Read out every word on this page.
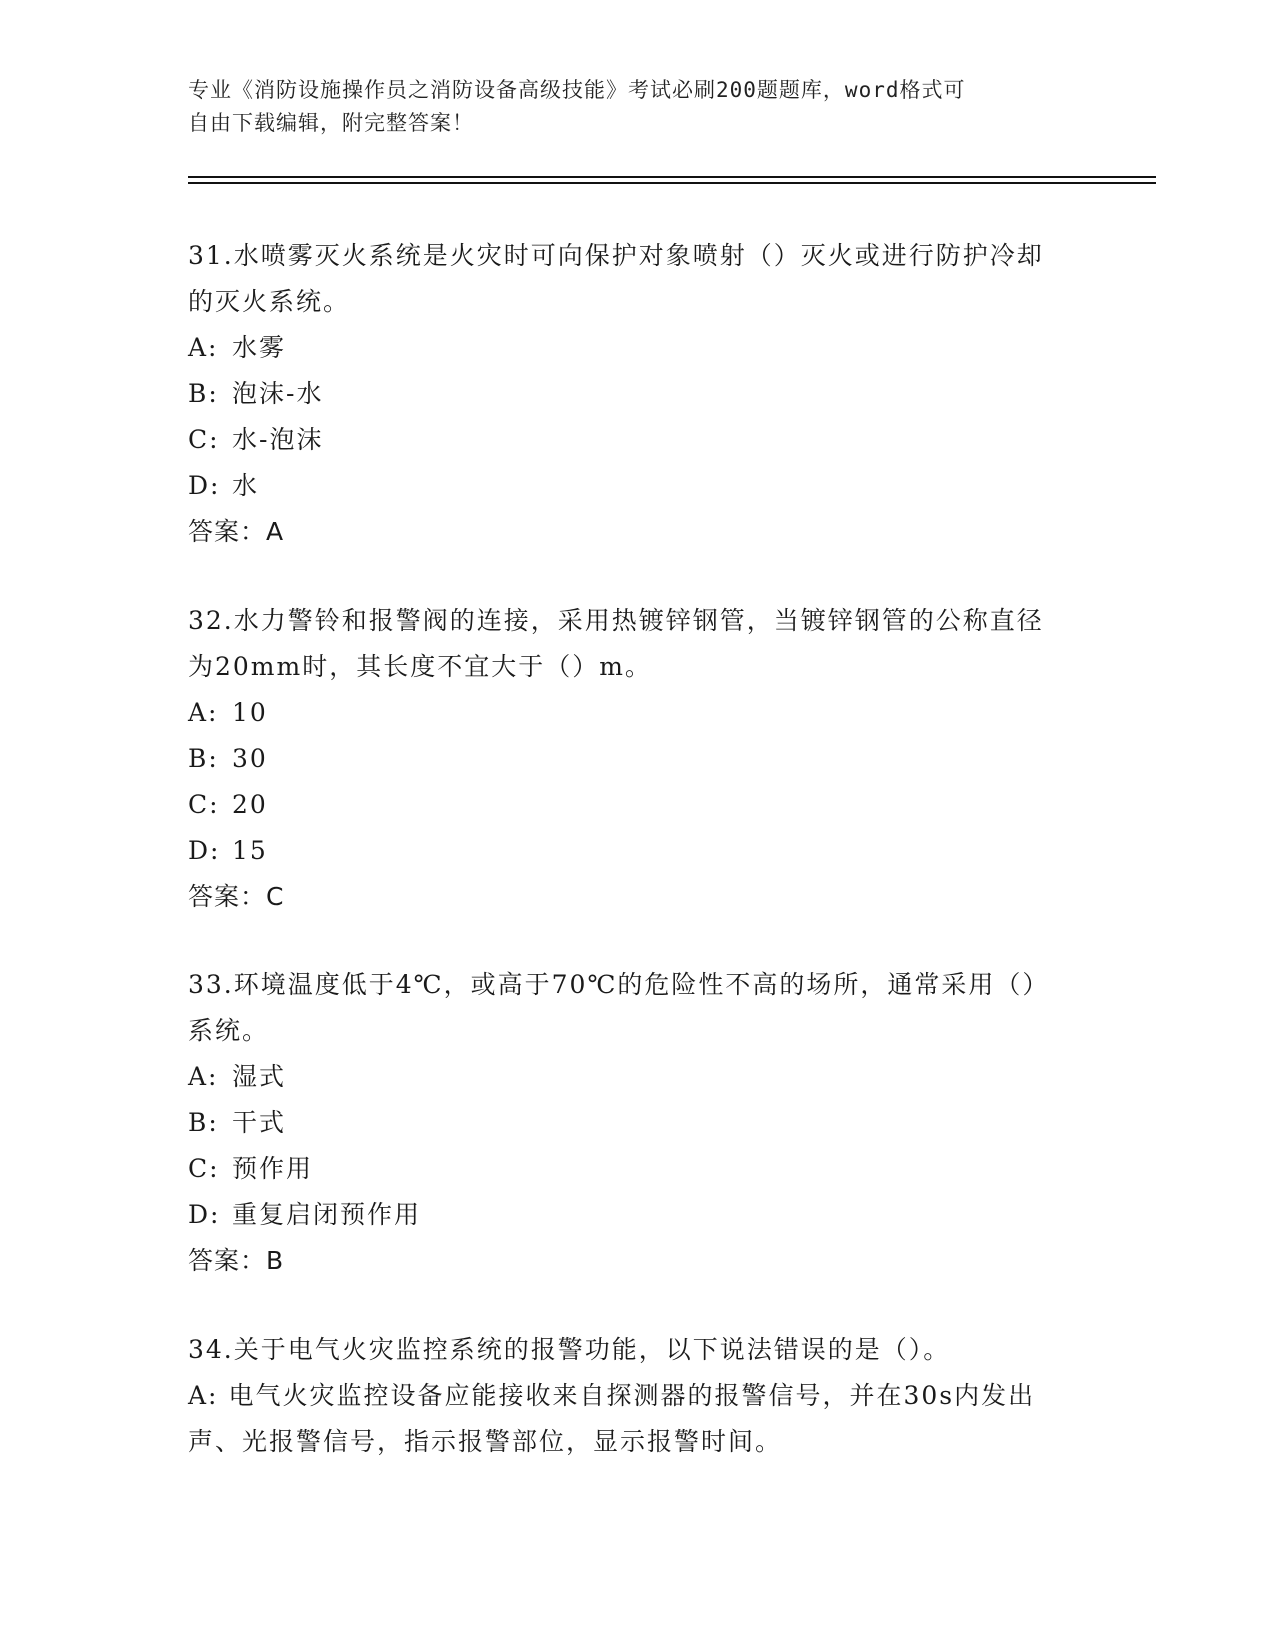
专业《消防设施操作员之消防设备高级技能》考试必刷200题题库，word格式可
自由下载编辑，附完整答案！

31.水喷雾灭火系统是火灾时可向保护对象喷射（）灭火或进行防护冷却的灭火系统。

A: 水雾

B: 泡沫-水

C: 水-泡沫

D: 水

答案：A

32.水力警铃和报警阀的连接，采用热镀锌钢管，当镀锌钢管的公称直径为20mm时，其长度不宜大于（）m。

A: 10

B: 30

C: 20

D: 15

答案：C

33.环境温度低于4℃，或高于70℃的危险性不高的场所，通常采用（）系统。

A: 湿式

B: 干式

C: 预作用

D: 重复启闭预作用

答案：B

34.关于电气火灾监控系统的报警功能，以下说法错误的是（）。

A: 电气火灾监控设备应能接收来自探测器的报警信号，并在30s内发出声、光报警信号，指示报警部位，显示报警时间。
